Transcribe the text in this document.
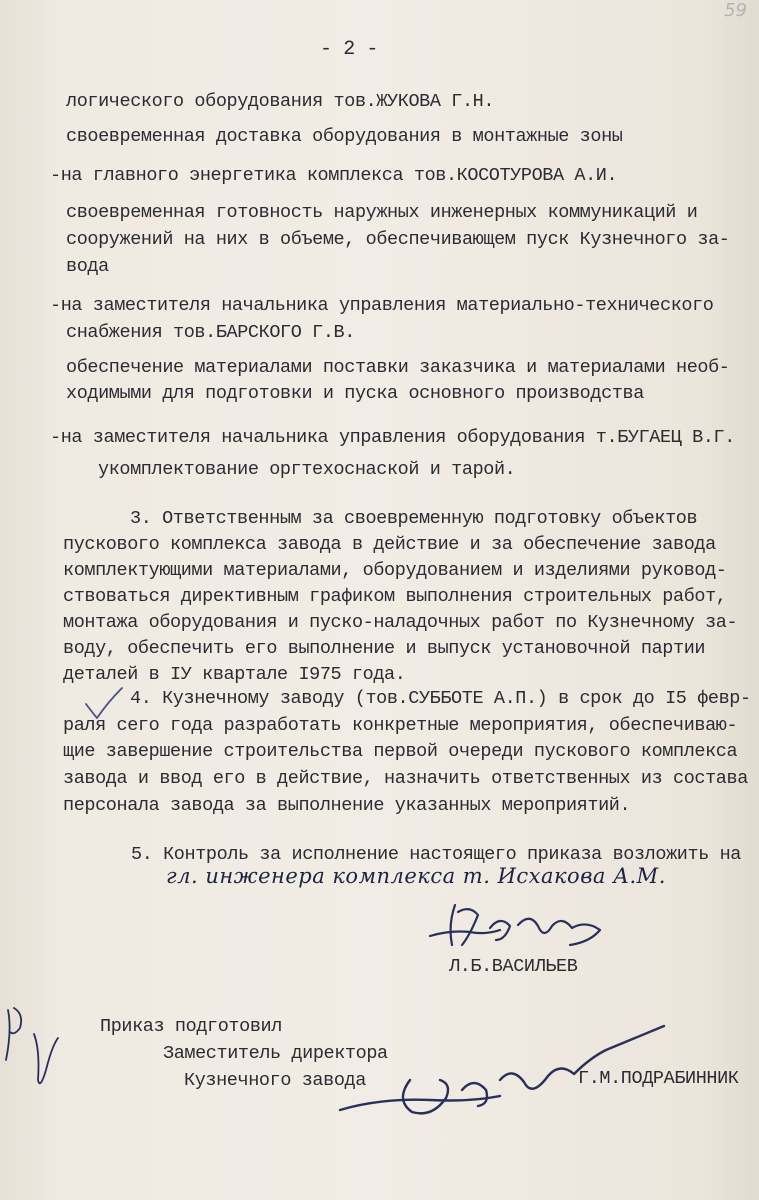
59
- 2 -
логического оборудования тов.ЖУКОВА Г.Н.
своевременная доставка оборудования в монтажные зоны
-на главного энергетика комплекса тов.КОСОТУРОВА А.И.
своевременная готовность наружных инженерных коммуникаций и
сооружений на них в объеме, обеспечивающем пуск Кузнечного за-
вода
-на заместителя начальника управления материально-технического
снабжения тов.БАРСКОГО Г.В.
обеспечение материалами поставки заказчика и материалами необ-
ходимыми для подготовки и пуска основного производства
-на заместителя начальника управления оборудования т.БУГАЕЦ В.Г.
укомплектование оргтехоснаской и тарой.
3. Ответственным за своевременную подготовку объектов
пускового комплекса завода в действие и за обеспечение завода
комплектующими материалами, оборудованием и изделиями руковод-
ствоваться директивным графиком выполнения строительных работ,
монтажа оборудования и пуско-наладочных работ по Кузнечному за-
воду, обеспечить его выполнение и выпуск установочной партии
деталей в IУ квартале I975 года.
4. Кузнечному заводу (тов.СУББОТЕ А.П.) в срок до I5 февр-
раля сего года разработать конкретные мероприятия, обеспечиваю-
щие завершение строительства первой очереди пускового комплекса
завода и ввод его в действие, назначить ответственных из состава
персонала завода за выполнение указанных мероприятий.
5. Контроль за исполнение настоящего приказа возложить на
гл. инженера комплекса т. Исхакова А.М.
Л.Б.ВАСИЛЬЕВ
Приказ подготовил
Заместитель директора
Кузнечного завода	Г.М.ПОДРАБИННИК
